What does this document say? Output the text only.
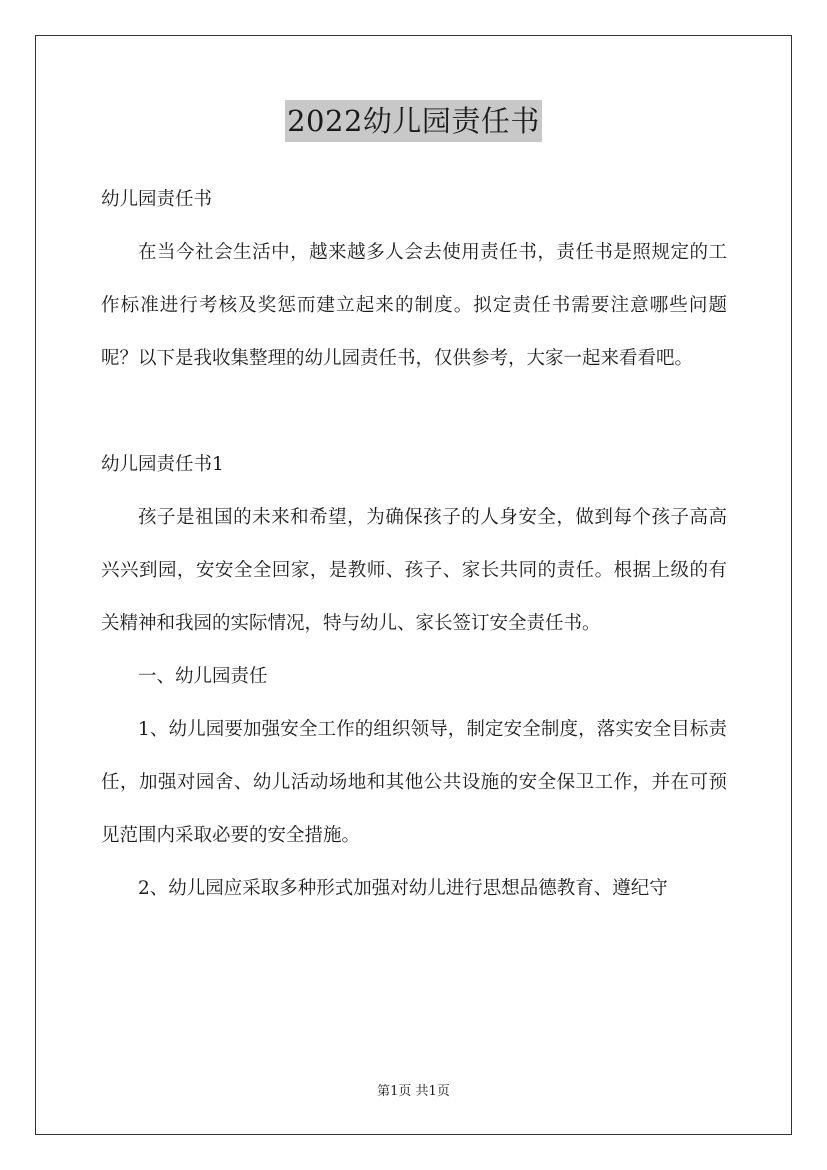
2022幼儿园责任书

幼儿园责任书

在当今社会生活中，越来越多人会去使用责任书，责任书是照规定的工作标准进行考核及奖惩而建立起来的制度。拟定责任书需要注意哪些问题呢？以下是我收集整理的幼儿园责任书，仅供参考，大家一起来看看吧。

幼儿园责任书1

孩子是祖国的未来和希望，为确保孩子的人身安全，做到每个孩子高高兴兴到园，安安全全回家，是教师、孩子、家长共同的责任。根据上级的有关精神和我园的实际情况，特与幼儿、家长签订安全责任书。

一、幼儿园责任

1、幼儿园要加强安全工作的组织领导，制定安全制度，落实安全目标责任，加强对园舍、幼儿活动场地和其他公共设施的安全保卫工作，并在可预见范围内采取必要的安全措施。

2、幼儿园应采取多种形式加强对幼儿进行思想品德教育、遵纪守

第1页 共1页
